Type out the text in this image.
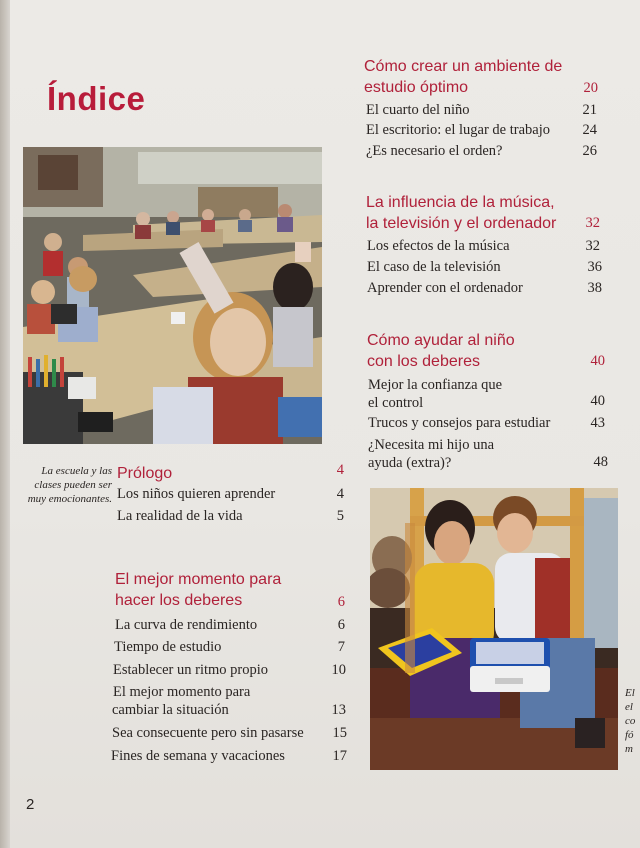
Índice
La escuela y las clases pueden ser muy emocionantes.
Cómo crear un ambiente de
estudio óptimo	20
El cuarto del niño	21
El escritorio: el lugar de trabajo	24
¿Es necesario el orden?	26
La influencia de la música,
la televisión y el ordenador	32
Los efectos de la música	32
El caso de la televisión	36
Aprender con el ordenador	38
Cómo ayudar al niño
con los deberes	40
Mejor la confianza que
el control	40
Trucos y consejos para estudiar	43
¿Necesita mi hijo una
ayuda (extra)?	48
Prólogo	4
Los niños quieren aprender	4
La realidad de la vida	5
El mejor momento para
hacer los deberes	6
La curva de rendimiento	6
Tiempo de estudio	7
Establecer un ritmo propio	10
El mejor momento para
cambiar la situación	13
Sea consecuente pero sin pasarse	15
Fines de semana y vacaciones	17
El
el
co
fó
m
2
